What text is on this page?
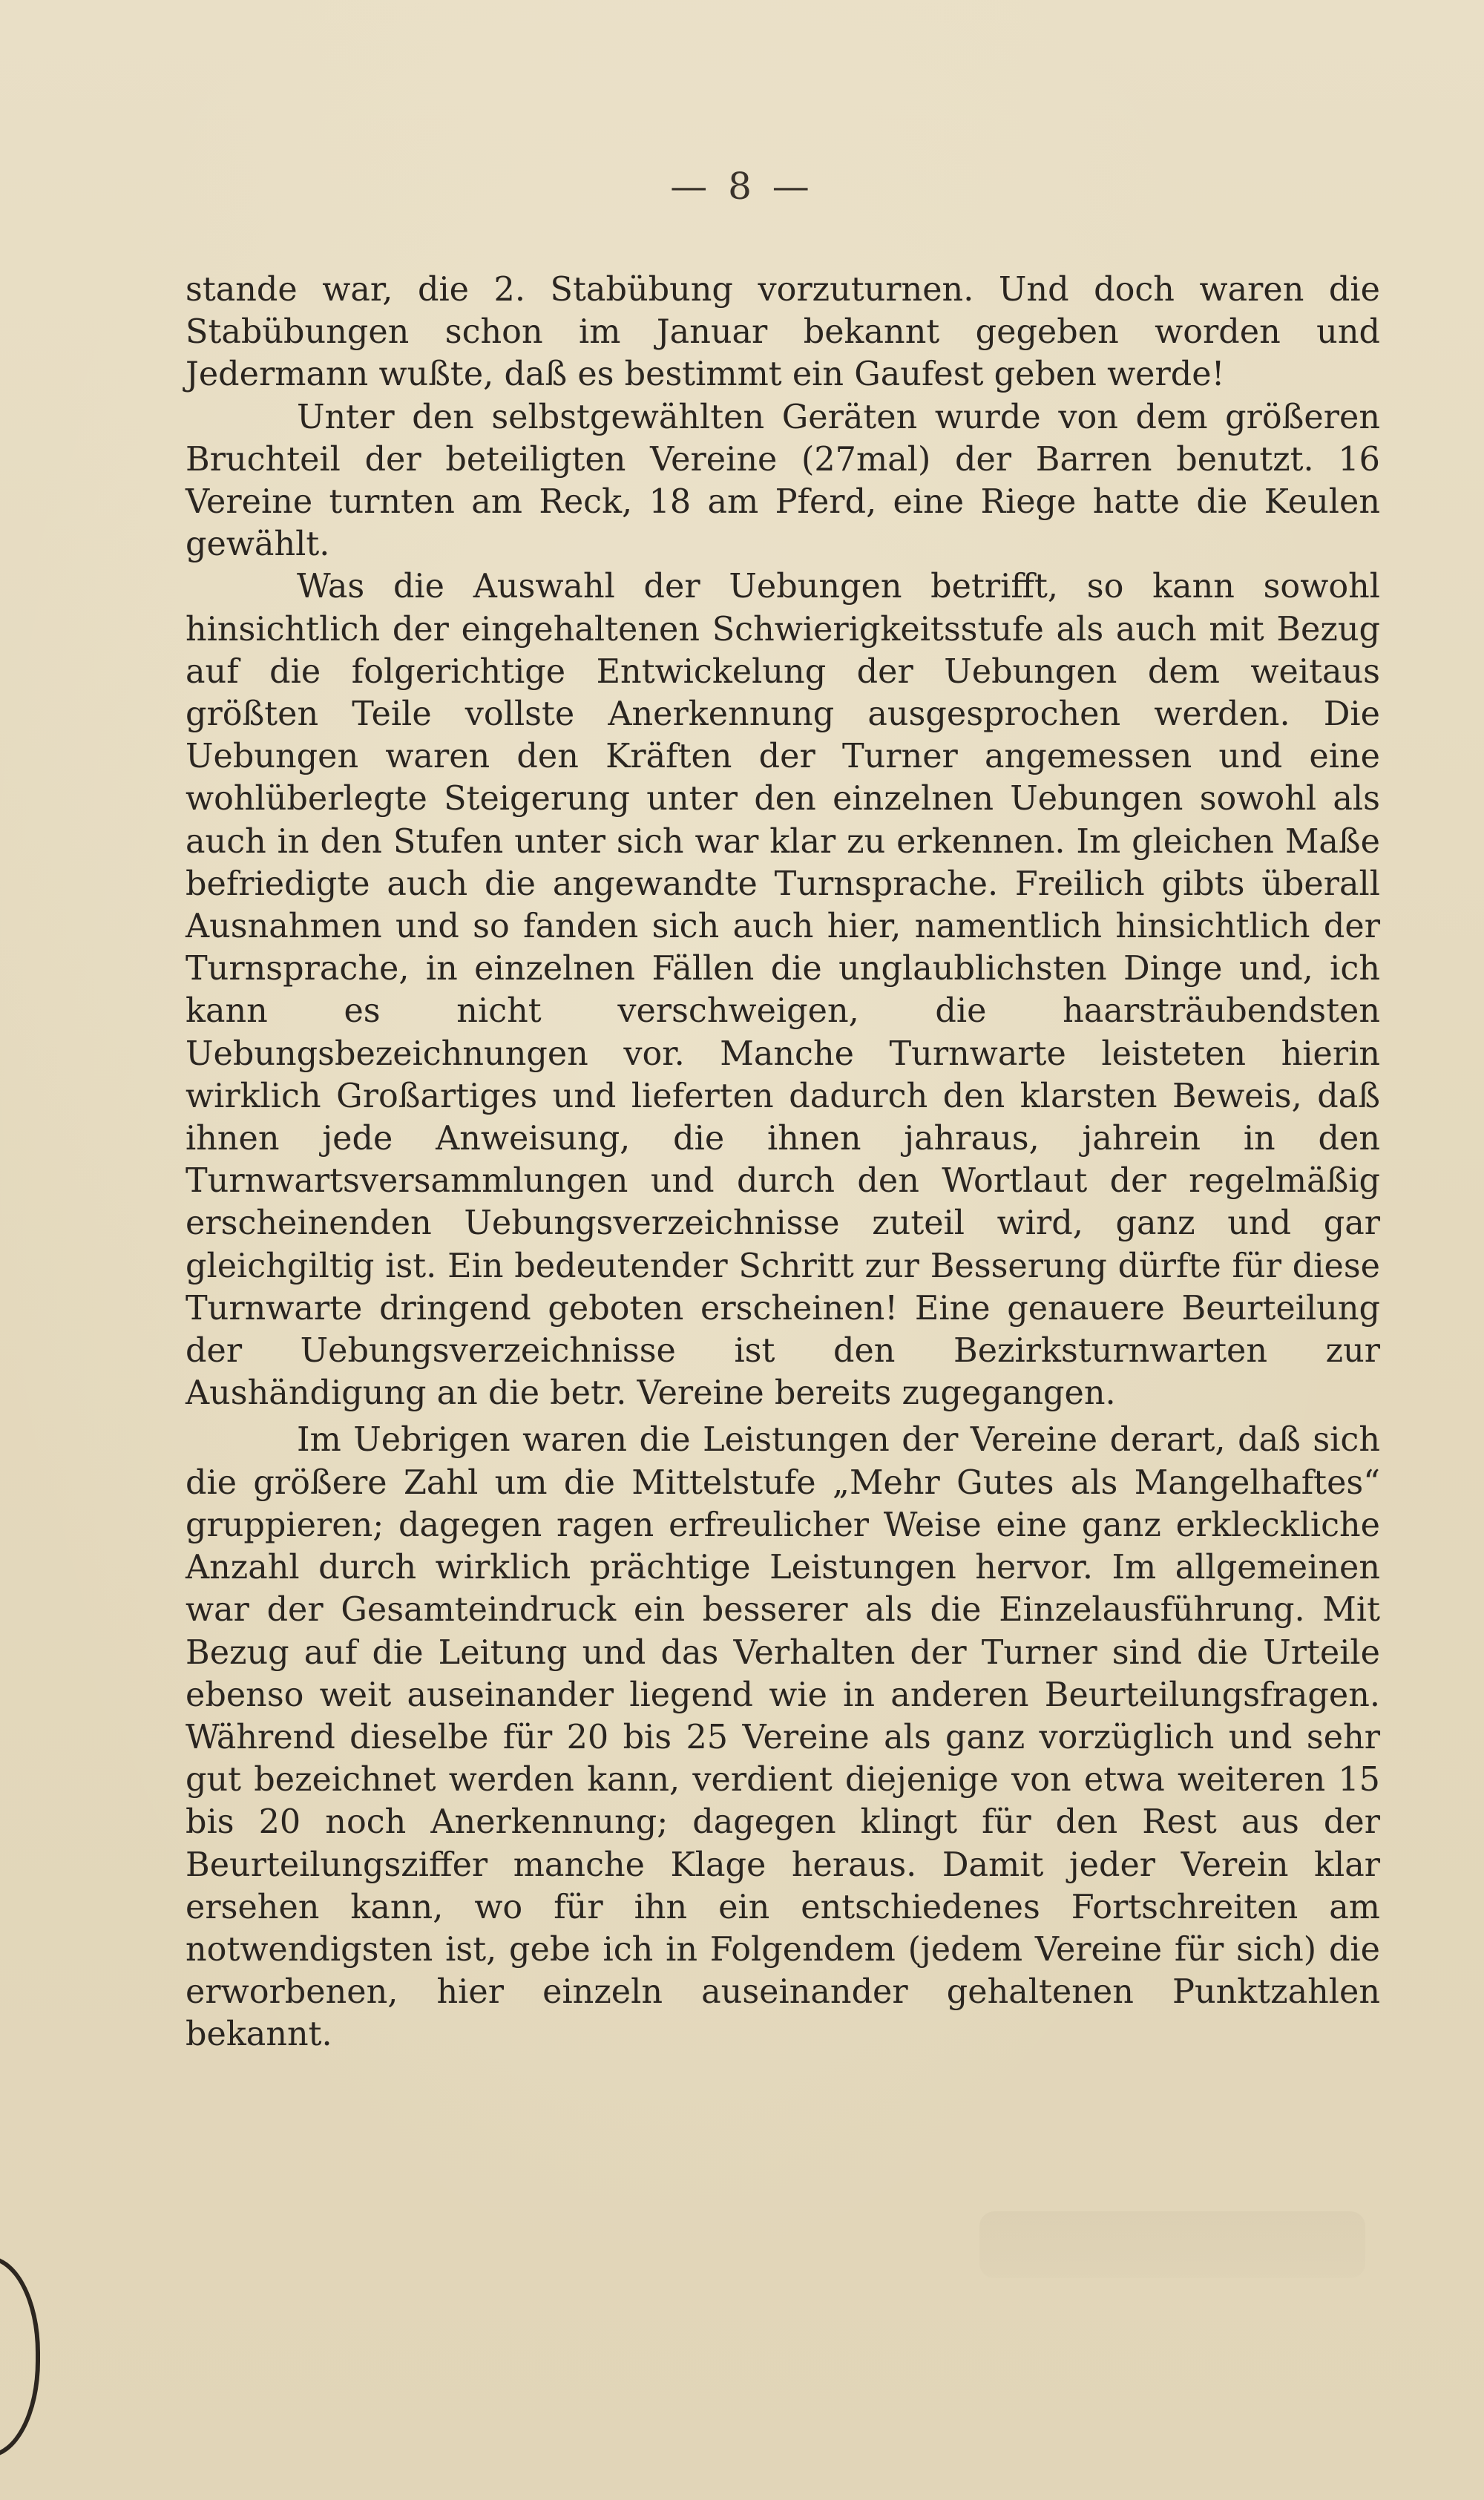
— 8 —

stande war, die 2. Stabübung vorzuturnen. Und doch waren die Stabübungen schon im Januar bekannt gegeben worden und Jedermann wußte, daß es bestimmt ein Gaufest geben werde!

Unter den selbstgewählten Geräten wurde von dem größeren Bruchteil der beteiligten Vereine (27mal) der Barren benutzt. 16 Vereine turnten am Reck, 18 am Pferd, eine Riege hatte die Keulen gewählt.

Was die Auswahl der Uebungen betrifft, so kann sowohl hinsichtlich der eingehaltenen Schwierigkeitsstufe als auch mit Bezug auf die folgerichtige Entwickelung der Uebungen dem weitaus größten Teile vollste Anerkennung ausgesprochen werden. Die Uebungen waren den Kräften der Turner angemessen und eine wohlüberlegte Steigerung unter den einzelnen Uebungen sowohl als auch in den Stufen unter sich war klar zu erkennen. Im gleichen Maße befriedigte auch die angewandte Turnsprache. Freilich gibts überall Ausnahmen und so fanden sich auch hier, namentlich hinsichtlich der Turnsprache, in einzelnen Fällen die unglaublichsten Dinge und, ich kann es nicht verschweigen, die haarsträubendsten Uebungsbezeichnungen vor. Manche Turnwarte leisteten hierin wirklich Großartiges und lieferten dadurch den klarsten Beweis, daß ihnen jede Anweisung, die ihnen jahraus, jahrein in den Turnwartsversammlungen und durch den Wortlaut der regelmäßig erscheinenden Uebungsverzeichnisse zuteil wird, ganz und gar gleichgiltig ist. Ein bedeutender Schritt zur Besserung dürfte für diese Turnwarte dringend geboten erscheinen! Eine genauere Beurteilung der Uebungsverzeichnisse ist den Bezirksturnwarten zur Aushändigung an die betr. Vereine bereits zugegangen.

Im Uebrigen waren die Leistungen der Vereine derart, daß sich die größere Zahl um die Mittelstufe „Mehr Gutes als Mangelhaftes“ gruppieren; dagegen ragen erfreulicher Weise eine ganz erkleckliche Anzahl durch wirklich prächtige Leistungen hervor. Im allgemeinen war der Gesamteindruck ein besserer als die Einzelausführung. Mit Bezug auf die Leitung und das Verhalten der Turner sind die Urteile ebenso weit auseinander liegend wie in anderen Beurteilungsfragen. Während dieselbe für 20 bis 25 Vereine als ganz vorzüglich und sehr gut bezeichnet werden kann, verdient diejenige von etwa weiteren 15 bis 20 noch Anerkennung; dagegen klingt für den Rest aus der Beurteilungsziffer manche Klage heraus. Damit jeder Verein klar ersehen kann, wo für ihn ein entschiedenes Fortschreiten am notwendigsten ist, gebe ich in Folgendem (jedem Vereine für sich) die erworbenen, hier einzeln auseinander gehaltenen Punktzahlen bekannt.
